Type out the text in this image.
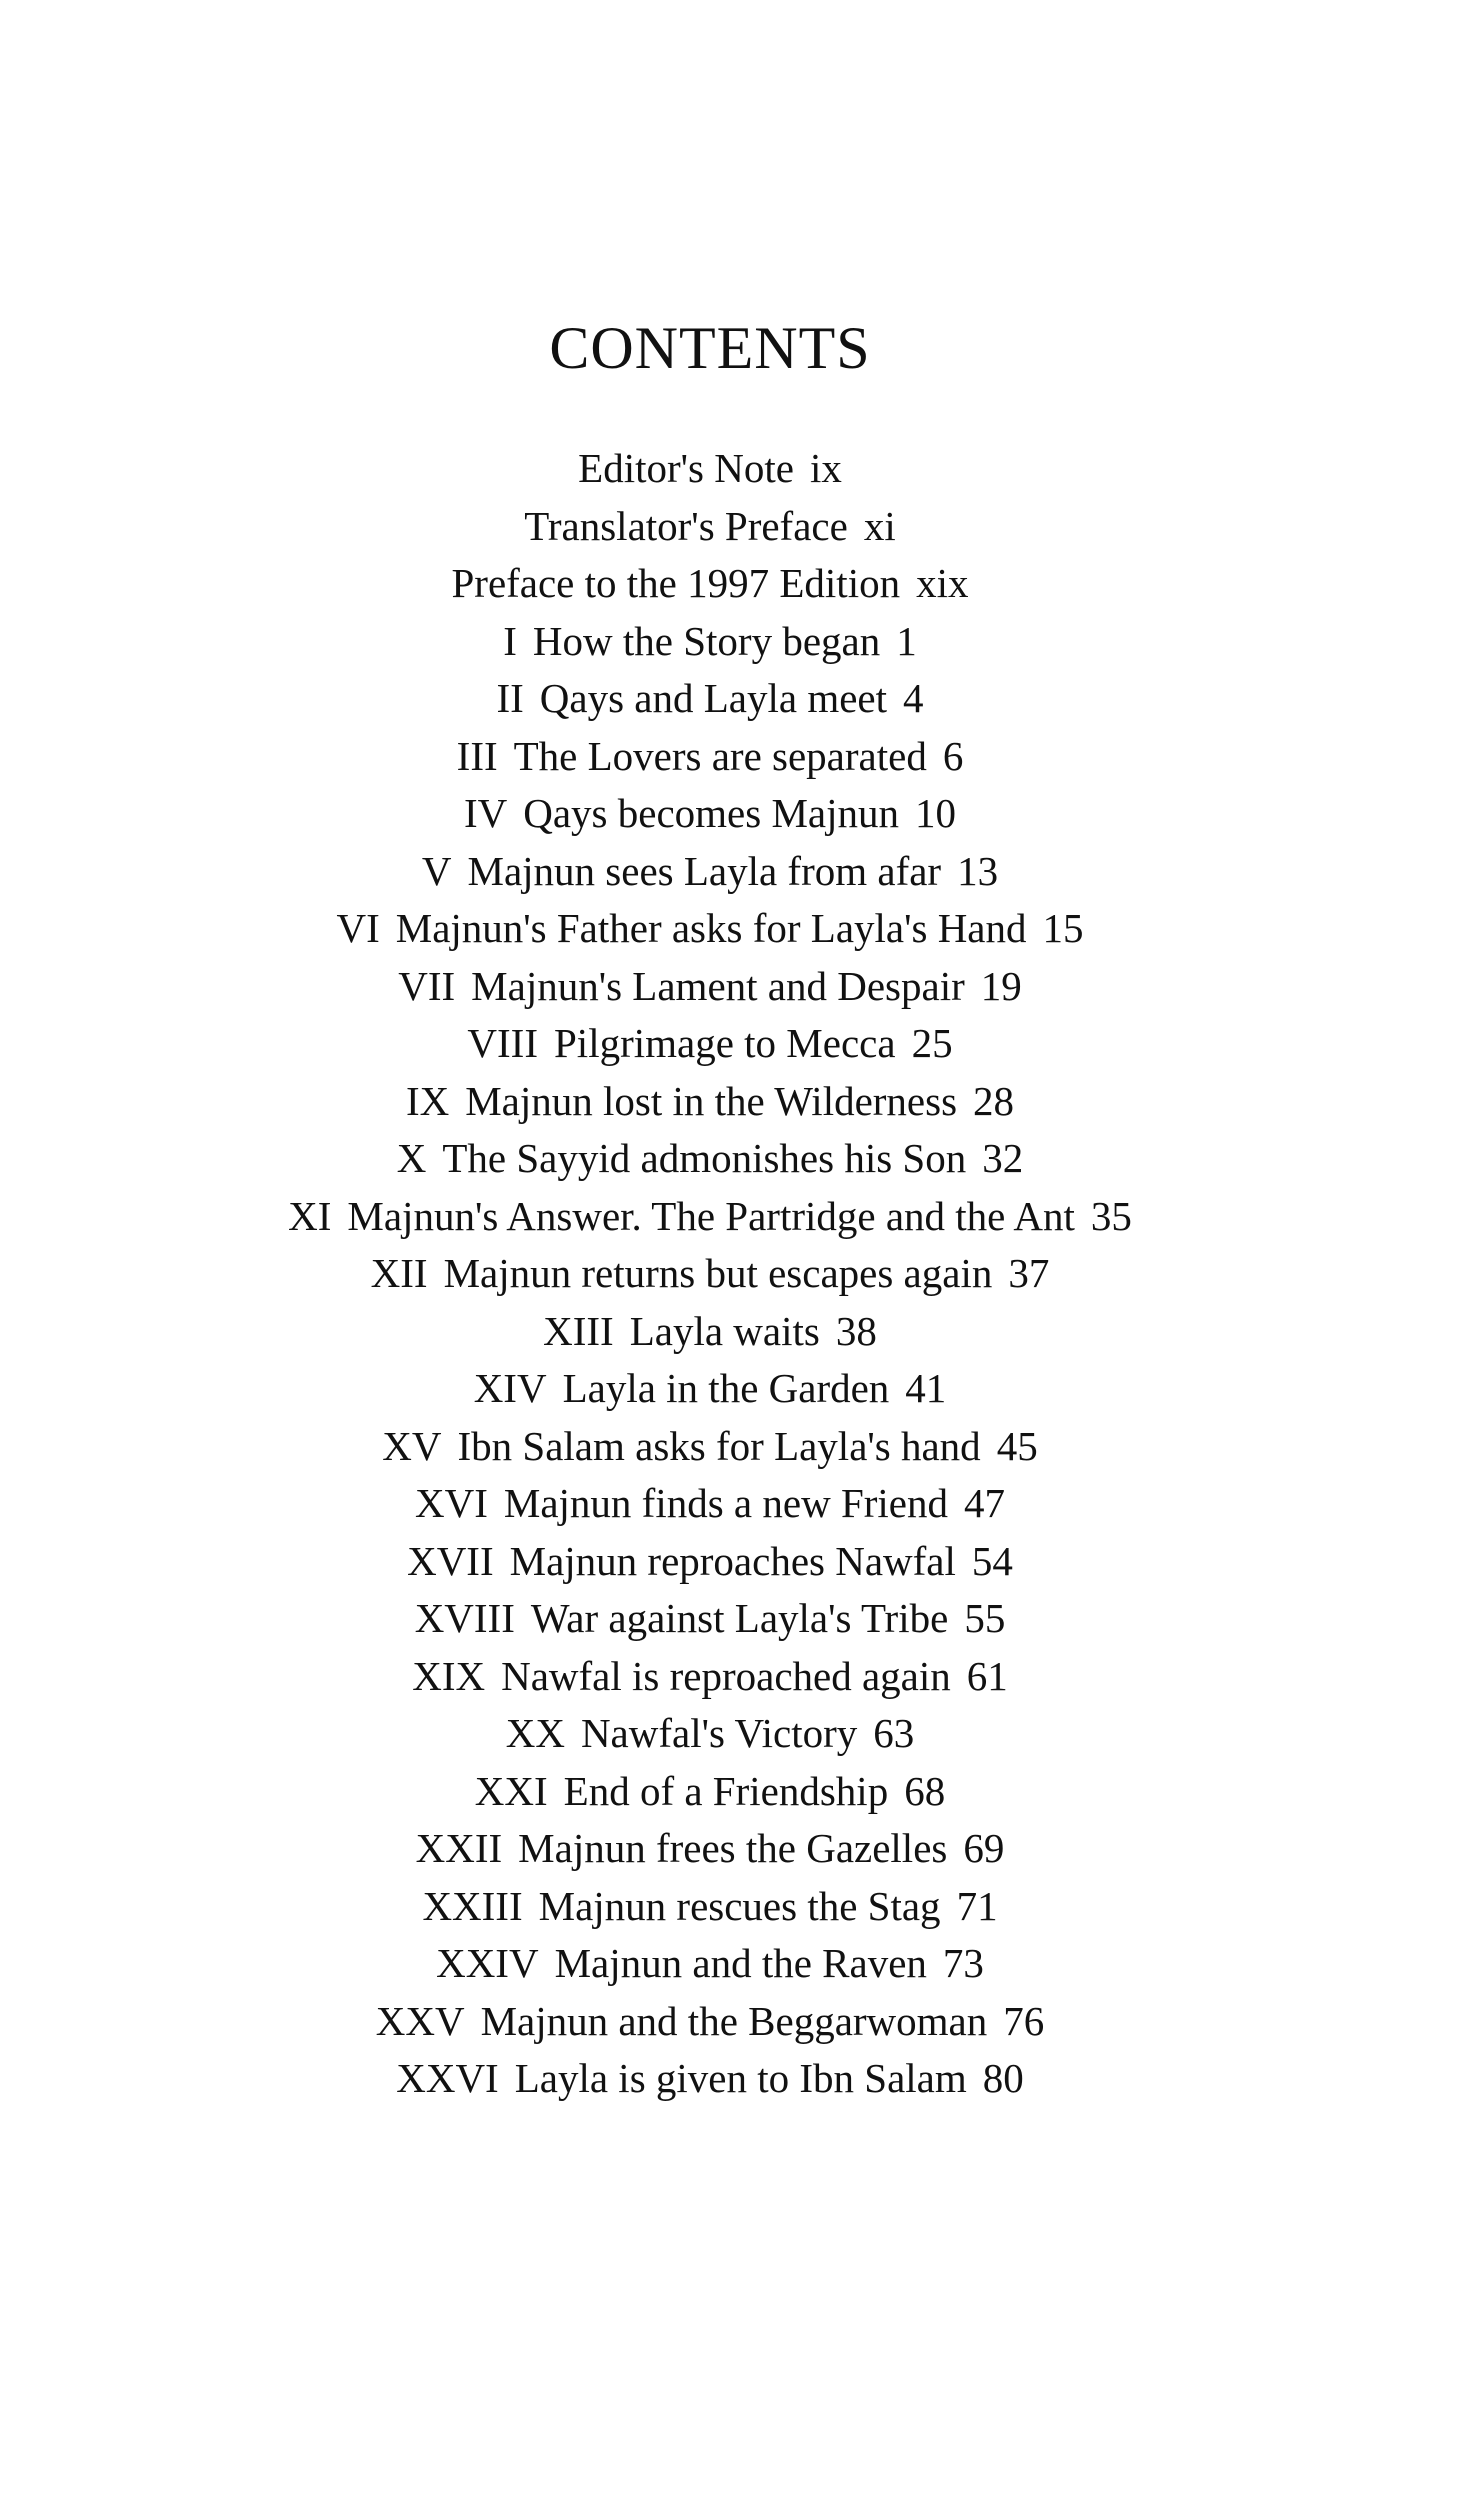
CONTENTS
Editor's Note ix
Translator's Preface xi
Preface to the 1997 Edition xix
I How the Story began 1
II Qays and Layla meet 4
III The Lovers are separated 6
IV Qays becomes Majnun 10
V Majnun sees Layla from afar 13
VI Majnun's Father asks for Layla's Hand 15
VII Majnun's Lament and Despair 19
VIII Pilgrimage to Mecca 25
IX Majnun lost in the Wilderness 28
X The Sayyid admonishes his Son 32
XI Majnun's Answer. The Partridge and the Ant 35
XII Majnun returns but escapes again 37
XIII Layla waits 38
XIV Layla in the Garden 41
XV Ibn Salam asks for Layla's hand 45
XVI Majnun finds a new Friend 47
XVII Majnun reproaches Nawfal 54
XVIII War against Layla's Tribe 55
XIX Nawfal is reproached again 61
XX Nawfal's Victory 63
XXI End of a Friendship 68
XXII Majnun frees the Gazelles 69
XXIII Majnun rescues the Stag 71
XXIV Majnun and the Raven 73
XXV Majnun and the Beggarwoman 76
XXVI Layla is given to Ibn Salam 80
